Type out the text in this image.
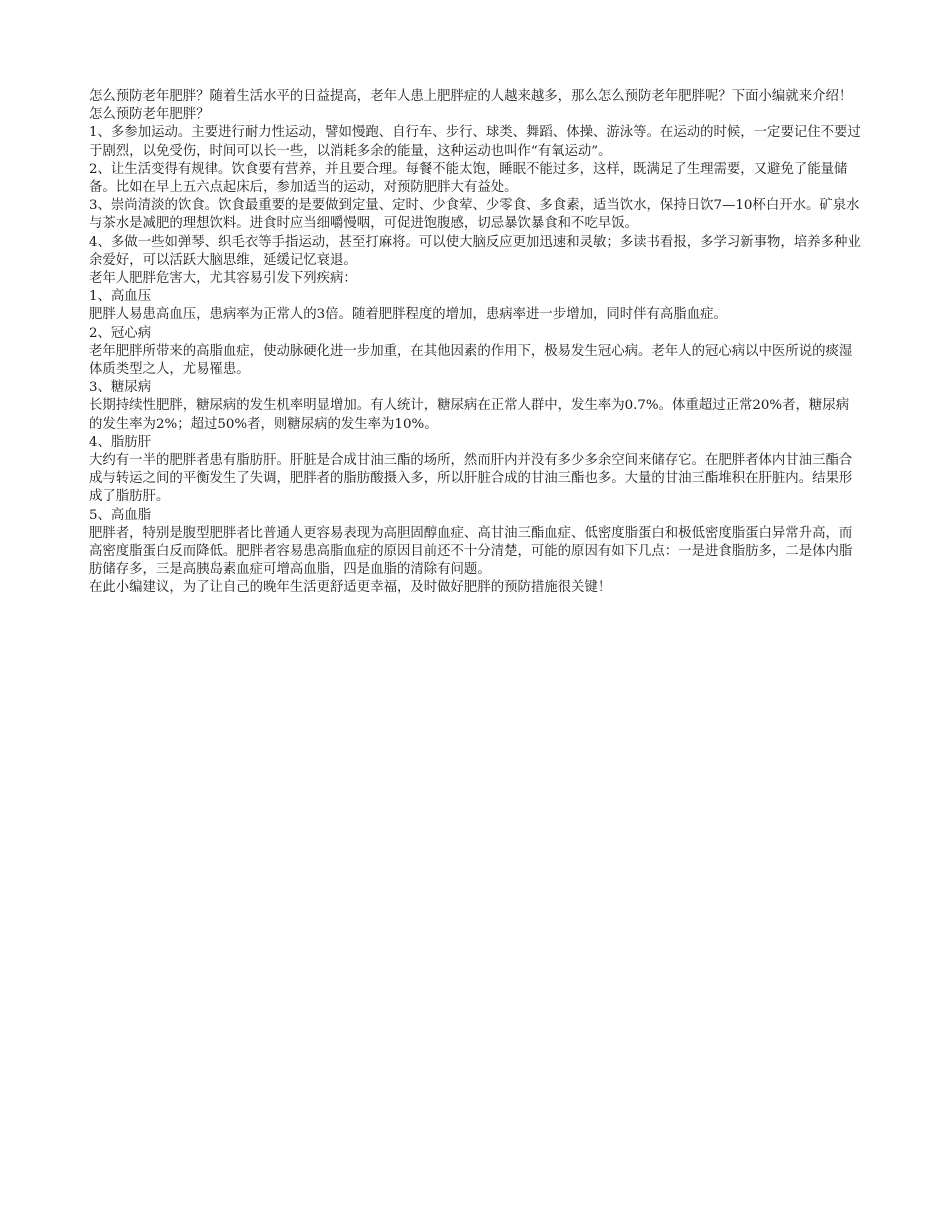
怎么预防老年肥胖？随着生活水平的日益提高，老年人患上肥胖症的人越来越多，那么怎么预防老年肥胖呢？下面小编就来介绍！

怎么预防老年肥胖？

1、多参加运动。主要进行耐力性运动，譬如慢跑、自行车、步行、球类、舞蹈、体操、游泳等。在运动的时候，一定要记住不要过于剧烈，以免受伤，时间可以长一些，以消耗多余的能量，这种运动也叫作“有氧运动”。

2、让生活变得有规律。饮食要有营养，并且要合理。每餐不能太饱，睡眠不能过多，这样，既满足了生理需要，又避免了能量储备。比如在早上五六点起床后，参加适当的运动，对预防肥胖大有益处。

3、崇尚清淡的饮食。饮食最重要的是要做到定量、定时、少食荤、少零食、多食素，适当饮水，保持日饮7—10杯白开水。矿泉水与茶水是减肥的理想饮料。进食时应当细嚼慢咽，可促进饱腹感，切忌暴饮暴食和不吃早饭。

4、多做一些如弹琴、织毛衣等手指运动，甚至打麻将。可以使大脑反应更加迅速和灵敏；多读书看报，多学习新事物，培养多种业余爱好，可以活跃大脑思维，延缓记忆衰退。

老年人肥胖危害大，尤其容易引发下列疾病：

1、高血压

肥胖人易患高血压，患病率为正常人的3倍。随着肥胖程度的增加，患病率进一步增加，同时伴有高脂血症。

2、冠心病

老年肥胖所带来的高脂血症，使动脉硬化进一步加重，在其他因素的作用下，极易发生冠心病。老年人的冠心病以中医所说的痰湿体质类型之人，尤易罹患。

3、糖尿病

长期持续性肥胖，糖尿病的发生机率明显增加。有人统计，糖尿病在正常人群中，发生率为0.7%。体重超过正常20%者，糖尿病的发生率为2%；超过50%者，则糖尿病的发生率为10%。

4、脂肪肝

大约有一半的肥胖者患有脂肪肝。肝脏是合成甘油三酯的场所，然而肝内并没有多少多余空间来储存它。在肥胖者体内甘油三酯合成与转运之间的平衡发生了失调，肥胖者的脂肪酸摄入多，所以肝脏合成的甘油三酯也多。大量的甘油三酯堆积在肝脏内。结果形成了脂肪肝。

5、高血脂

肥胖者，特别是腹型肥胖者比普通人更容易表现为高胆固醇血症、高甘油三酯血症、低密度脂蛋白和极低密度脂蛋白异常升高，而高密度脂蛋白反而降低。肥胖者容易患高脂血症的原因目前还不十分清楚，可能的原因有如下几点：一是进食脂肪多，二是体内脂肪储存多，三是高胰岛素血症可增高血脂，四是血脂的清除有问题。

在此小编建议，为了让自己的晚年生活更舒适更幸福，及时做好肥胖的预防措施很关键！
